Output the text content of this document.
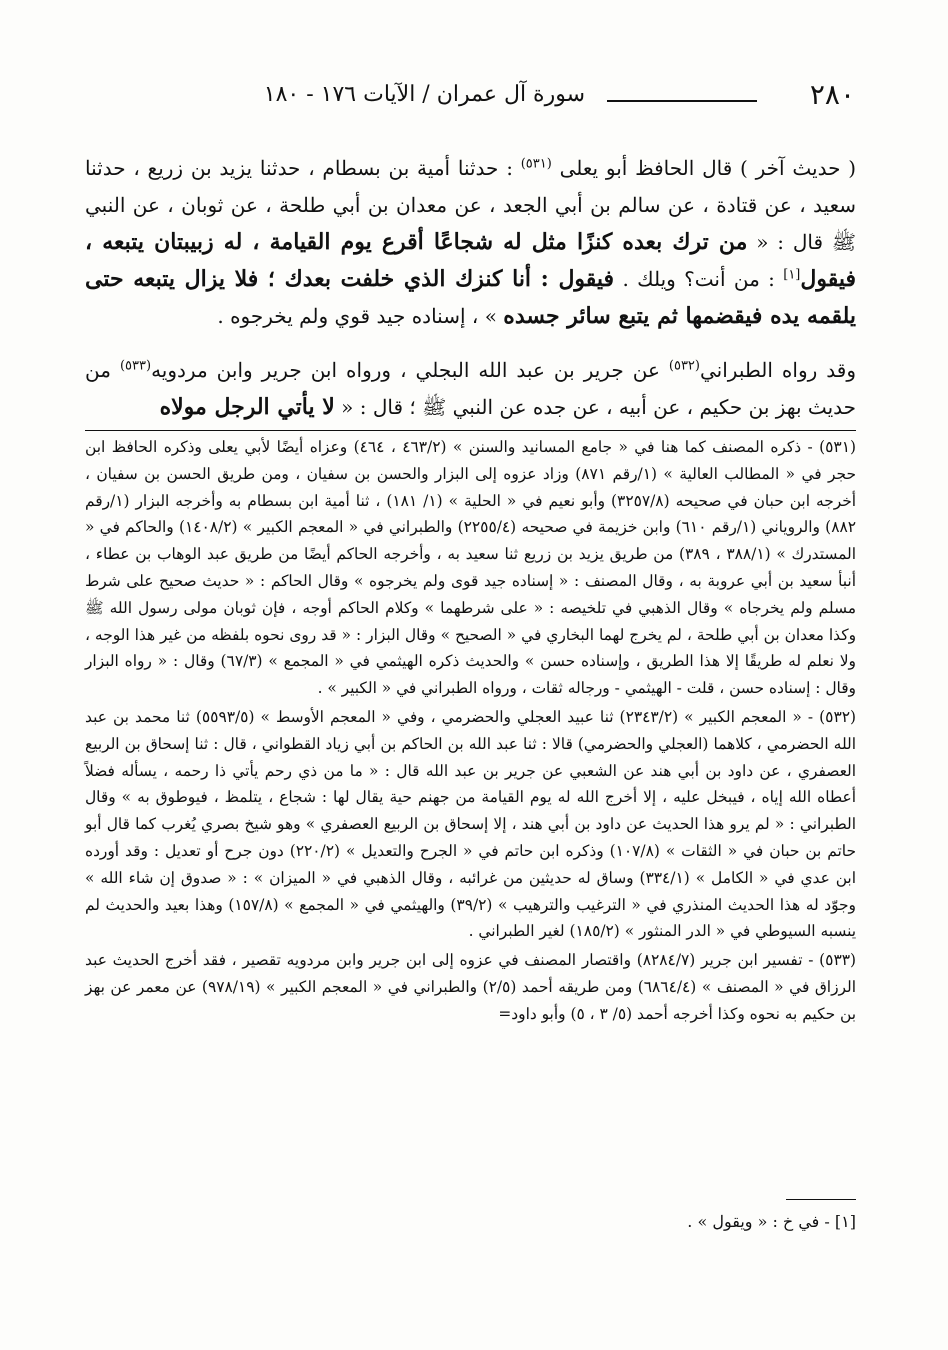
٢٨٠
سورة آل عمران / الآيات ١٧٦ - ١٨٠

( حديث آخر ) قال الحافظ أبو يعلى $^{(٥٣١)}$ : حدثنا أمية بن بسطام ، حدثنا يزيد بن زريع ، حدثنا سعيد ، عن قتادة ، عن سالم بن أبي الجعد ، عن معدان بن أبي طلحة ، عن ثوبان ، عن النبي ﷺ قال : « من ترك بعده كنزًا مثل له شجاعًا أقرع يوم القيامة ، له زبيبتان يتبعه ، فيقول[١] : من أنت؟ ويلك . فيقول : أنا كنزك الذي خلفت بعدك ؛ فلا يزال يتبعه حتى يلقمه يده فيقضمها ثم يتبع سائر جسده » ، إسناده جيد قوي ولم يخرجوه .

وقد رواه الطبراني$^{(٥٣٢)}$ عن جرير بن عبد الله البجلي ، ورواه ابن جرير وابن مردويه$^{(٥٣٣)}$ من حديث بهز بن حكيم ، عن أبيه ، عن جده عن النبي ﷺ ؛ قال : « لا يأتي الرجل مولاه

(٥٣١) - ذكره المصنف كما هنا في « جامع المسانيد والسنن » (٤٦٣/٢ ، ٤٦٤) وعزاه أيضًا لأبي يعلى وذكره الحافظ ابن حجر في « المطالب العالية » (١/رقم ٨٧١) وزاد عزوه إلى البزار والحسن بن سفيان ، ومن طريق الحسن بن سفيان ، أخرجه ابن حبان في صحيحه (٣٢٥٧/٨) وأبو نعيم في « الحلية » (١/ ١٨١) ، ثنا أمية ابن بسطام به وأخرجه البزار (١/رقم ٨٨٢) والروياني (١/رقم ٦١٠) وابن خزيمة في صحيحه (٢٢٥٥/٤) والطبراني في « المعجم الكبير » (١٤٠٨/٢) والحاكم في « المستدرك » (٣٨٨/١ ، ٣٨٩) من طريق يزيد بن زريع ثنا سعيد به ، وأخرجه الحاكم أيضًا من طريق عبد الوهاب بن عطاء ، أنبأ سعيد بن أبي عروبة به ، وقال المصنف : « إسناده جيد قوى ولم يخرجوه » وقال الحاكم : « حديث صحيح على شرط مسلم ولم يخرجاه » وقال الذهبي في تلخيصه : « على شرطهما » وكلام الحاكم أوجه ، فإن ثوبان مولى رسول الله ﷺ وكذا معدان بن أبي طلحة ، لم يخرج لهما البخاري في « الصحيح » وقال البزار : « قد روى نحوه بلفظه من غير هذا الوجه ، ولا نعلم له طريقًا إلا هذا الطريق ، وإسناده حسن » والحديث ذكره الهيثمي في « المجمع » (٦٧/٣) وقال : « رواه البزار وقال : إسناده حسن ، قلت - الهيثمي - ورجاله ثقات ، ورواه الطبراني في « الكبير » .

(٥٣٢) - « المعجم الكبير » (٢٣٤٣/٢) ثنا عبيد العجلي والحضرمي ، وفي « المعجم الأوسط » (٥٥٩٣/٥) ثنا محمد بن عبد الله الحضرمي ، كلاهما (العجلي والحضرمي) قالا : ثنا عبد الله بن الحاكم بن أبي زياد القطواني ، قال : ثنا إسحاق بن الربيع العصفري ، عن داود بن أبي هند عن الشعبي عن جرير بن عبد الله قال : « ما من ذي رحم يأتي ذا رحمه ، يسأله فضلاً أعطاه الله إياه ، فيبخل عليه ، إلا أخرج الله له يوم القيامة من جهنم حية يقال لها : شجاع ، يتلمظ ، فيوطوق به » وقال الطبراني : « لم يرو هذا الحديث عن داود بن أبي هند ، إلا إسحاق بن الربيع العصفري » وهو شيخ بصري يُغرب كما قال أبو حاتم بن حبان في « الثقات » (١٠٧/٨) وذكره ابن حاتم في « الجرح والتعديل » (٢٢٠/٢) دون جرح أو تعديل : وقد أورده ابن عدي في « الكامل » (٣٣٤/١) وساق له حديثين من غرائبه ، وقال الذهبي في « الميزان » : « صدوق إن شاء الله » وجوّد له هذا الحديث المنذري في « الترغيب والترهيب » (٣٩/٢) والهيثمي في « المجمع » (١٥٧/٨) وهذا بعيد والحديث لم ينسبه السيوطي في « الدر المنثور » (١٨٥/٢) لغير الطبراني .

(٥٣٣) - تفسير ابن جرير (٨٢٨٤/٧) واقتصار المصنف في عزوه إلى ابن جرير وابن مردويه تقصير ، فقد أخرج الحديث عبد الرزاق في « المصنف » (٦٨٦٤/٤) ومن طريقه أحمد (٢/٥) والطبراني في « المعجم الكبير » (٩٧٨/١٩) عن معمر عن بهز بن حكيم به نحوه وكذا أخرجه أحمد (٥/ ٣ ، ٥) وأبو داود=

[١] - في خ : « ويقول » .
